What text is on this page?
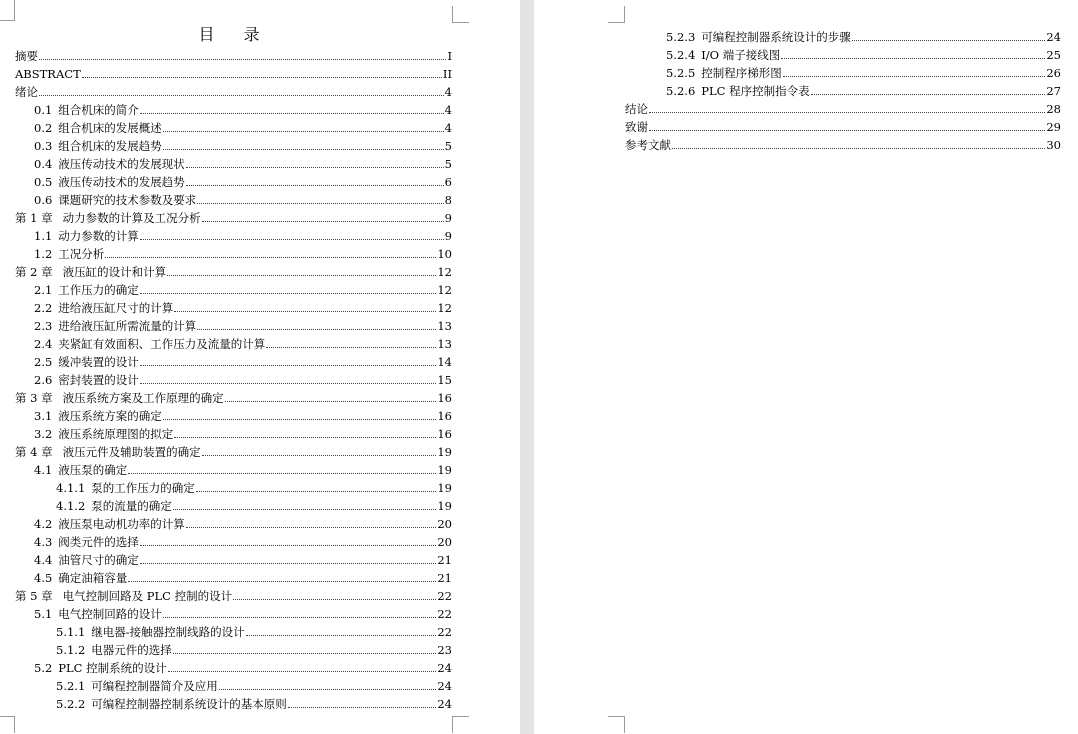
目 录
摘要	I
ABSTRACT	II
绪论	4
0.1 组合机床的简介	4
0.2 组合机床的发展概述	4
0.3 组合机床的发展趋势	5
0.4 液压传动技术的发展现状	5
0.5 液压传动技术的发展趋势	6
0.6 课题研究的技术参数及要求	8
第 1 章 动力参数的计算及工况分析	9
1.1 动力参数的计算	9
1.2 工况分析	10
第 2 章 液压缸的设计和计算	12
2.1 工作压力的确定	12
2.2 进给液压缸尺寸的计算	12
2.3 进给液压缸所需流量的计算	13
2.4 夹紧缸有效面积、工作压力及流量的计算	13
2.5 缓冲装置的设计	14
2.6 密封装置的设计	15
第 3 章 液压系统方案及工作原理的确定	16
3.1 液压系统方案的确定	16
3.2 液压系统原理图的拟定	16
第 4 章 液压元件及辅助装置的确定	19
4.1 液压泵的确定	19
4.1.1 泵的工作压力的确定	19
4.1.2 泵的流量的确定	19
4.2 液压泵电动机功率的计算	20
4.3 阀类元件的选择	20
4.4 油管尺寸的确定	21
4.5 确定油箱容量	21
第 5 章 电气控制回路及 PLC 控制的设计	22
5.1 电气控制回路的设计	22
5.1.1 继电器-接触器控制线路的设计	22
5.1.2 电器元件的选择	23
5.2 PLC 控制系统的设计	24
5.2.1 可编程控制器简介及应用	24
5.2.2 可编程控制器控制系统设计的基本原则	24
5.2.3 可编程控制器系统设计的步骤	24
5.2.4 I/O 端子接线图	25
5.2.5 控制程序梯形图	26
5.2.6 PLC 程序控制指令表	27
结论	28
致谢	29
参考文献	30
